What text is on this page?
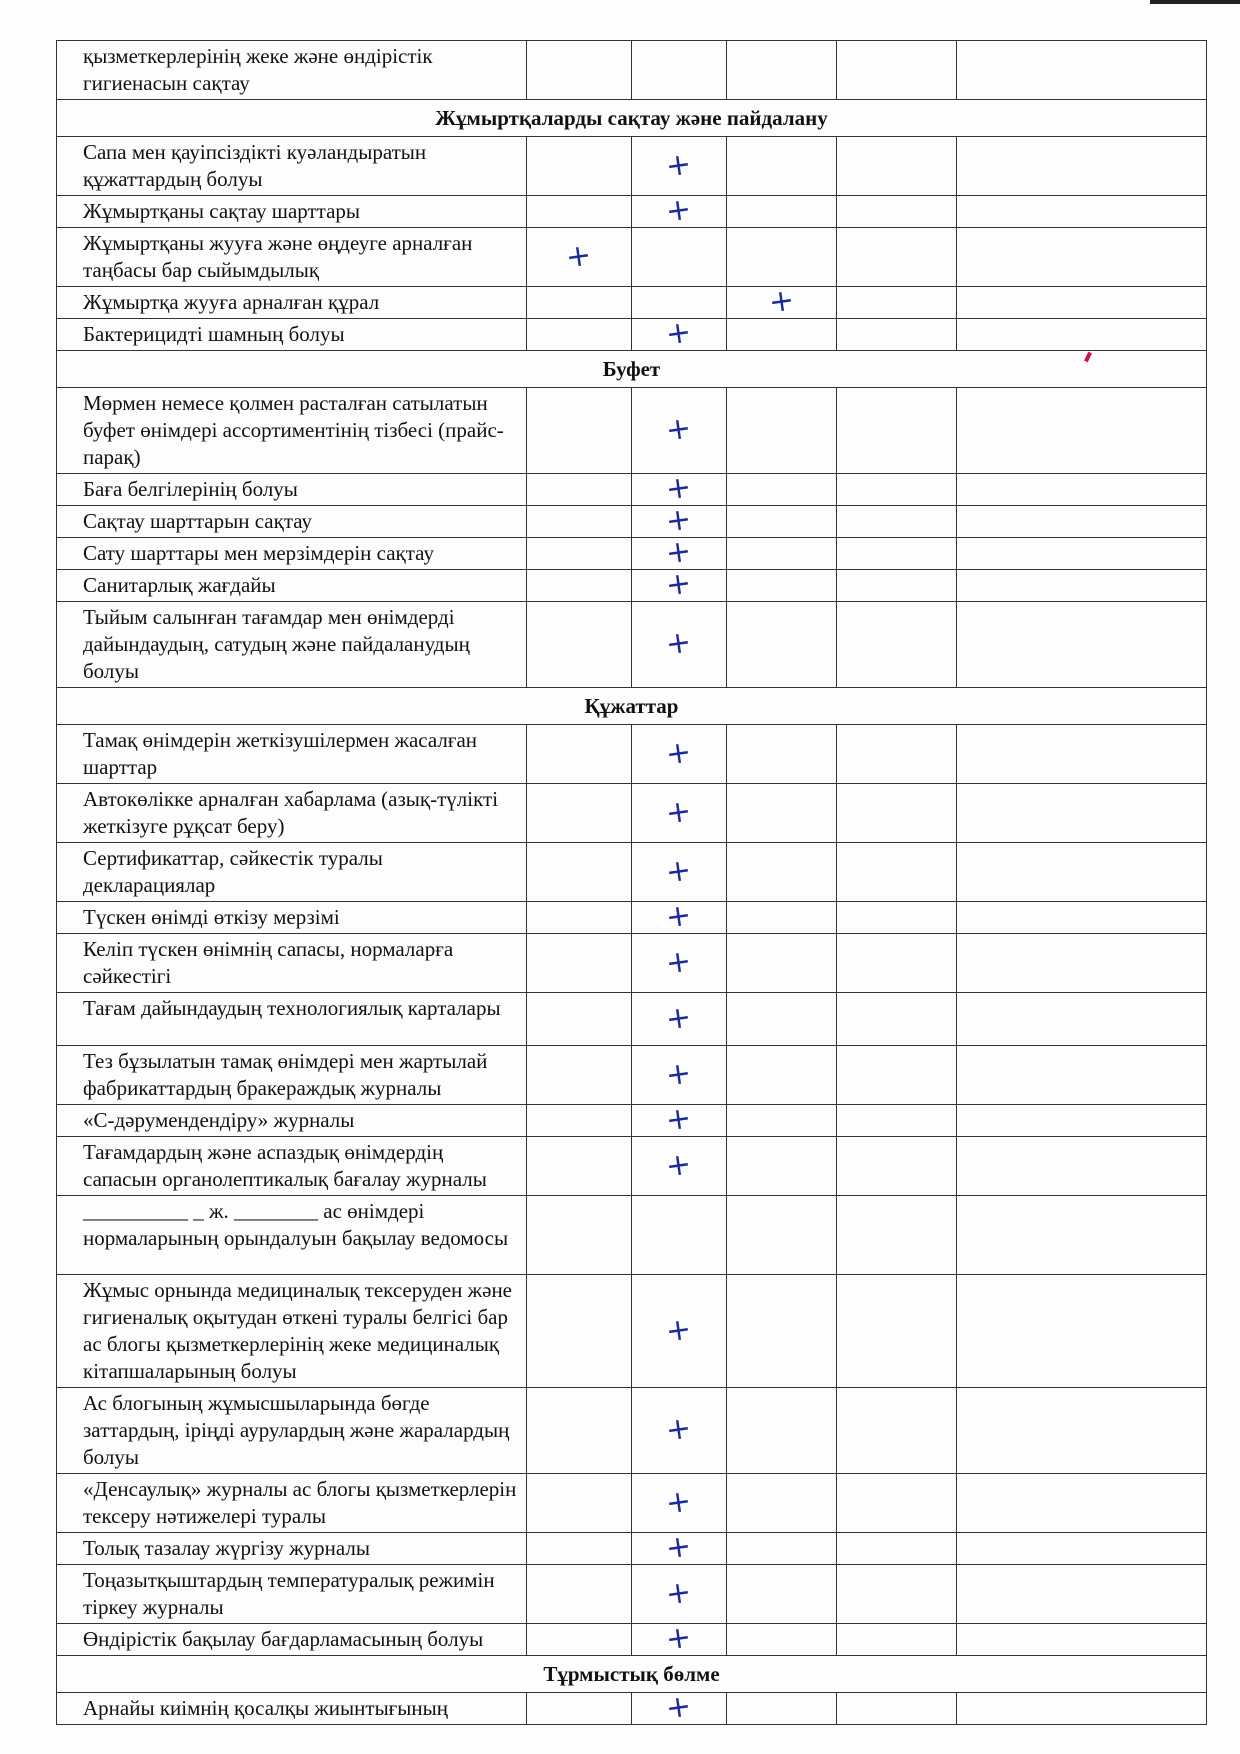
қызметкерлерінің жеке және өндірістік гигиенасын сақтау					
Жұмыртқаларды сақтау және пайдалану					
Сапа мен қауіпсіздікті куәландыратын құжаттардың болуы		+			
Жұмыртқаны сақтау шарттары		+			
Жұмыртқаны жууға және өңдеуге арналған таңбасы бар сыйымдылық	+				
Жұмыртқа жууға арналған құрал			+		
Бактерицидті шамның болуы		+			
Буфет					
Мөрмен немесе қолмен расталған сатылатын буфет өнімдері ассортиментінің тізбесі (прайс-парақ)		+			
Баға белгілерінің болуы		+			
Сақтау шарттарын сақтау		+			
Сату шарттары мен мерзімдерін сақтау		+			
Санитарлық жағдайы		+			
Тыйым салынған тағамдар мен өнімдерді дайындаудың, сатудың және пайдаланудың болуы		+			
Құжаттар					
Тамақ өнімдерін жеткізушілермен жасалған шарттар		+			
Автокөлікке арналған хабарлама (азық-түлікті жеткізуге рұқсат беру)		+			
Сертификаттар, сәйкестік туралы декларациялар		+			
Түскен өнімді өткізу мерзімі		+			
Келіп түскен өнімнің сапасы, нормаларға сәйкестігі		+			
Тағам дайындаудың технологиялық карталары		+			
Тез бұзылатын тамақ өнімдері мен жартылай фабрикаттардың бракераждық журналы		+			
«С-дәрумендендіру» журналы		+			
Тағамдардың және аспаздық өнімдердің сапасын органолептикалық бағалау журналы		+			
__________ _ ж. ________ ас өнімдері нормаларының орындалуын бақылау ведомосы					
Жұмыс орнында медициналық тексеруден және гигиеналық оқытудан өткені туралы белгісі бар ас блогы қызметкерлерінің жеке медициналық кітапшаларының болуы		+			
Ас блогының жұмысшыларында бөгде заттардың, іріңді аурулардың және жаралардың болуы		+			
«Денсаулық» журналы ас блогы қызметкерлерін тексеру нәтижелері туралы		+			
Толық тазалау жүргізу журналы		+			
Тоңазытқыштардың температуралық режимін тіркеу журналы		+			
Өндірістік бақылау бағдарламасының болуы		+			
Тұрмыстық бөлме					
Арнайы киімнің қосалқы жиынтығының		+			
